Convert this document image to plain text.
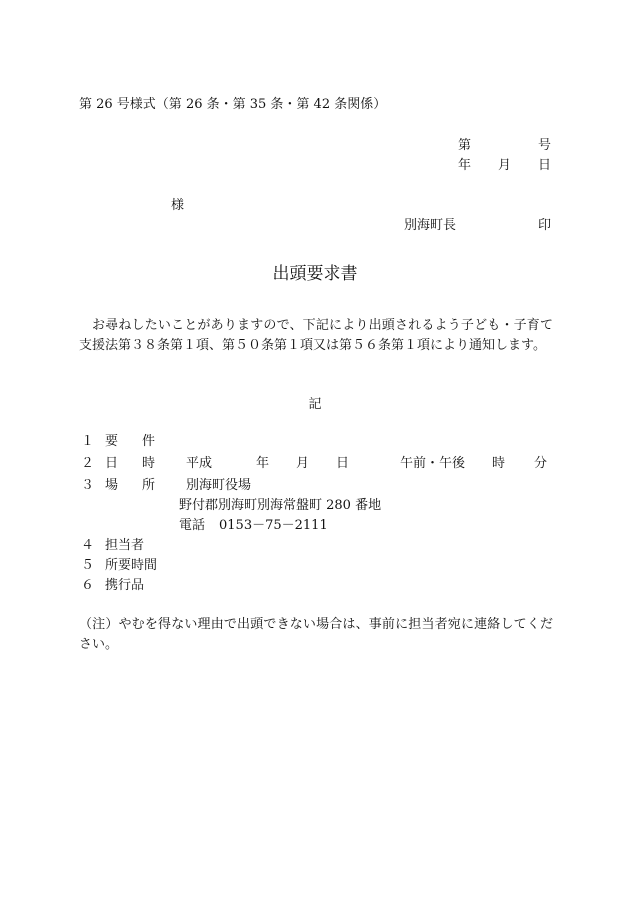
第 26 号様式（第 26 条・第 35 条・第 42 条関係）
第	号
年 月 日
様
別海町長	印
出頭要求書
お尋ねしたいことがありますので、下記により出頭されるよう子ども・子育て支援法第３８条第１項、第５０条第１項又は第５６条第１項により通知します。
記
１ 要 件
２ 日 時 平成	年	月	日	午前・午後	時	分
３ 場 所 別海町役場
野付郡別海町別海常盤町 280 番地
電話 0153－75－2111
４ 担当者
５ 所要時間
６ 携行品
（注）やむを得ない理由で出頭できない場合は、事前に担当者宛に連絡してください。
